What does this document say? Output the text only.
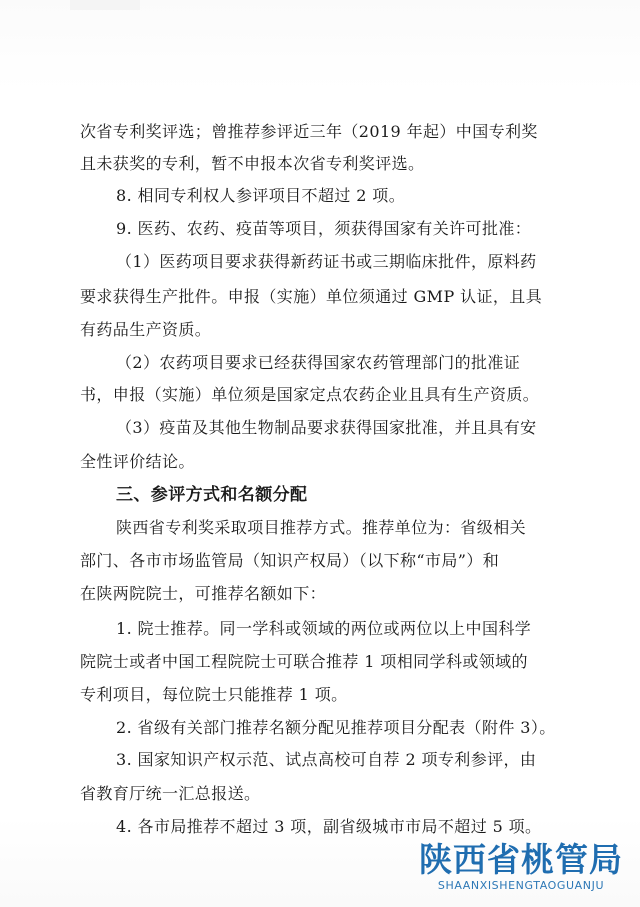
次省专利奖评选；曾推荐参评近三年（2019 年起）中国专利奖
且未获奖的专利，暂不申报本次省专利奖评选。
8. 相同专利权人参评项目不超过 2 项。
9. 医药、农药、疫苗等项目，须获得国家有关许可批准：
（1）医药项目要求获得新药证书或三期临床批件，原料药
要求获得生产批件。申报（实施）单位须通过 GMP 认证，且具
有药品生产资质。
（2）农药项目要求已经获得国家农药管理部门的批准证
书，申报（实施）单位须是国家定点农药企业且具有生产资质。
（3）疫苗及其他生物制品要求获得国家批准，并且具有安
全性评价结论。
三、参评方式和名额分配
陕西省专利奖采取项目推荐方式。推荐单位为：省级相关
部门、各市市场监管局（知识产权局）（以下称“市局”）和
在陕两院院士，可推荐名额如下：
1. 院士推荐。同一学科或领域的两位或两位以上中国科学
院院士或者中国工程院院士可联合推荐 1 项相同学科或领域的
专利项目，每位院士只能推荐 1 项。
2. 省级有关部门推荐名额分配见推荐项目分配表（附件 3）。
3. 国家知识产权示范、试点高校可自荐 2 项专利参评，由
省教育厅统一汇总报送。
4. 各市局推荐不超过 3 项，副省级城市市局不超过 5 项。
陕西省桃管局
SHAANXISHENGTAOGUANJU
